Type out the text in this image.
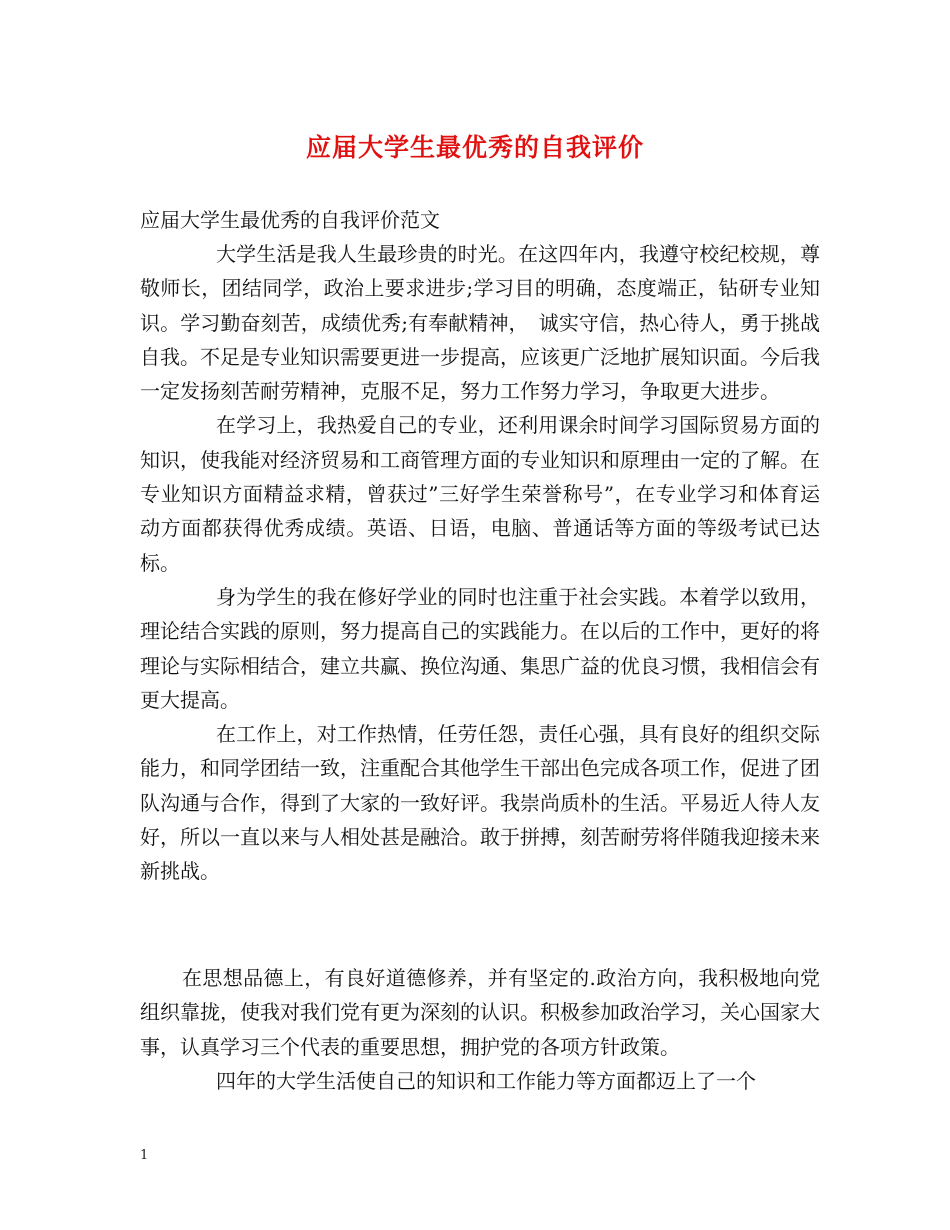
应届大学生最优秀的自我评价
应届大学生最优秀的自我评价范文

大学生活是我人生最珍贵的时光。在这四年内，我遵守校纪校规，尊敬师长，团结同学，政治上要求进步;学习目的明确，态度端正，钻研专业知识。学习勤奋刻苦，成绩优秀;有奉献精神，　诚实守信，热心待人，勇于挑战自我。不足是专业知识需要更进一步提高，应该更广泛地扩展知识面。今后我一定发扬刻苦耐劳精神，克服不足，努力工作努力学习，争取更大进步。

在学习上，我热爱自己的专业，还利用课余时间学习国际贸易方面的知识，使我能对经济贸易和工商管理方面的专业知识和原理由一定的了解。在专业知识方面精益求精，曾获过”三好学生荣誉称号”，在专业学习和体育运动方面都获得优秀成绩。英语、日语，电脑、普通话等方面的等级考试已达标。

身为学生的我在修好学业的同时也注重于社会实践。本着学以致用，理论结合实践的原则，努力提高自己的实践能力。在以后的工作中，更好的将理论与实际相结合，建立共赢、换位沟通、集思广益的优良习惯，我相信会有更大提高。

在工作上，对工作热情，任劳任怨，责任心强，具有良好的组织交际能力，和同学团结一致，注重配合其他学生干部出色完成各项工作，促进了团队沟通与合作，得到了大家的一致好评。我崇尚质朴的生活。平易近人待人友好，所以一直以来与人相处甚是融洽。敢于拼搏，刻苦耐劳将伴随我迎接未来新挑战。

在思想品德上，有良好道德修养，并有坚定的.政治方向，我积极地向党组织靠拢，使我对我们党有更为深刻的认识。积极参加政治学习，关心国家大事，认真学习三个代表的重要思想，拥护党的各项方针政策。

四年的大学生活使自己的知识和工作能力等方面都迈上了一个

1
